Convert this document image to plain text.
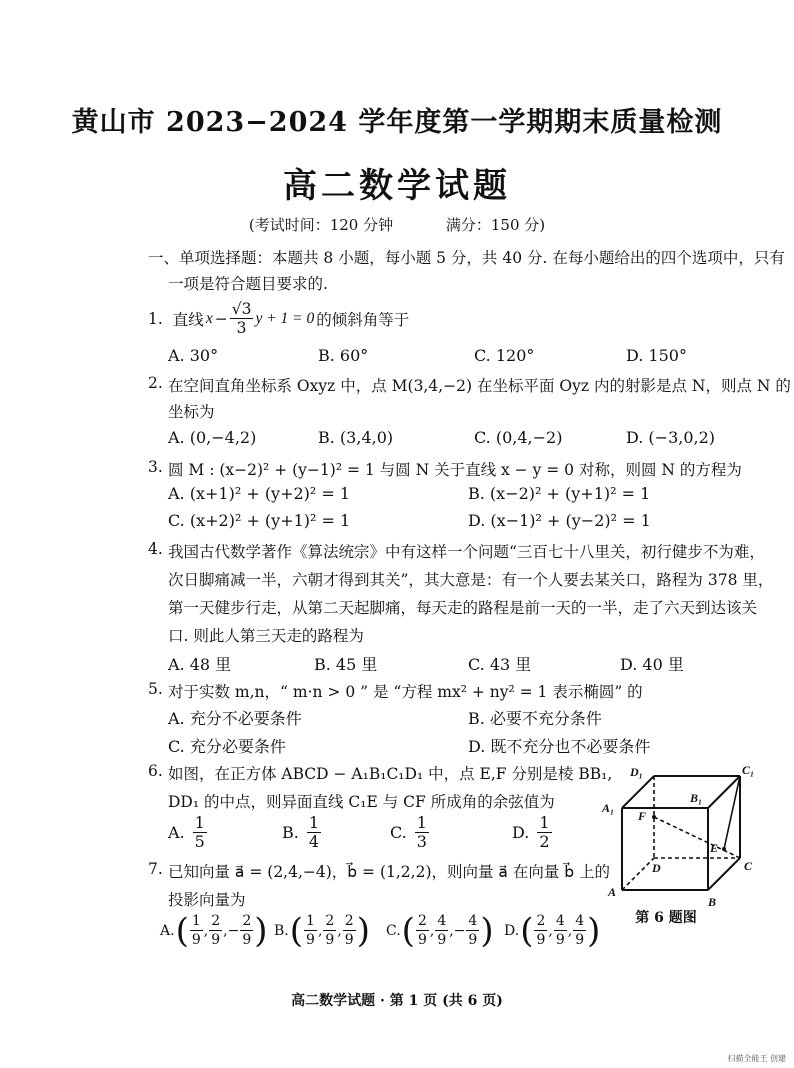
黄山市 2023−2024 学年度第一学期期末质量检测
高二数学试题
(考试时间：120 分钟	满分：150 分)
一、单项选择题：本题共 8 小题，每小题 5 分，共 40 分. 在每小题给出的四个选项中，只有
一项是符合题目要求的.
1. 直线 $x - \frac{√3}{3}$ y + 1 = 0 的倾斜角等于
A. 30°	B. 60°	C. 120°	D. 150°
2. 在空间直角坐标系 Oxyz 中，点 M(3,4,−2) 在坐标平面 Oyz 内的射影是点 N，则点 N 的
坐标为
A. (0,−4,2)	B. (3,4,0)	C. (0,4,−2)	D. (−3,0,2)
3. 圆 M : (x−2)² + (y−1)² = 1 与圆 N 关于直线 x − y = 0 对称，则圆 N 的方程为
A. (x+1)² + (y+2)² = 1	B. (x−2)² + (y+1)² = 1
C. (x+2)² + (y+1)² = 1	D. (x−1)² + (y−2)² = 1
4. 我国古代数学著作《算法统宗》中有这样一个问题“三百七十八里关，初行健步不为难，
次日脚痛减一半，六朝才得到其关”，其大意是：有一个人要去某关口，路程为 378 里，
第一天健步行走，从第二天起脚痛，每天走的路程是前一天的一半，走了六天到达该关
口. 则此人第三天走的路程为
A. 48 里	B. 45 里	C. 43 里	D. 40 里
5. 对于实数 m,n，“ m·n > 0 ” 是 “方程 mx² + ny² = 1 表示椭圆” 的
A. 充分不必要条件	B. 必要不充分条件
C. 充分必要条件	D. 既不充分也不必要条件
6. 如图，在正方体 ABCD − A₁B₁C₁D₁ 中，点 E,F 分别是棱 BB₁,
DD₁ 的中点，则异面直线 C₁E 与 CF 所成角的余弦值为
A. $\frac{1}{5}$	B. $\frac{1}{4}$	C. $\frac{1}{3}$	D. $\frac{1}{2}$
7. 已知向量 a⃗ = (2,4,−4)，b⃗ = (1,2,2)，则向量 a⃗ 在向量 b⃗ 上的
投影向量为
A. ( $\frac{1}{9}$ , $\frac{2}{9}$ ,− $\frac{2}{9}$ ) B. ( $\frac{1}{9}$ , $\frac{2}{9}$ , $\frac{2}{9}$ ) C. ( $\frac{2}{9}$ , $\frac{4}{9}$ ,− $\frac{4}{9}$ ) D. ( $\frac{2}{9}$ , $\frac{4}{9}$ , $\frac{4}{9}$ )
D₁	C₁
A₁
B₁
F
E
D	C
A
B
第 6 题图
高二数学试题 · 第 1 页 (共 6 页)
扫描全能王 创建
